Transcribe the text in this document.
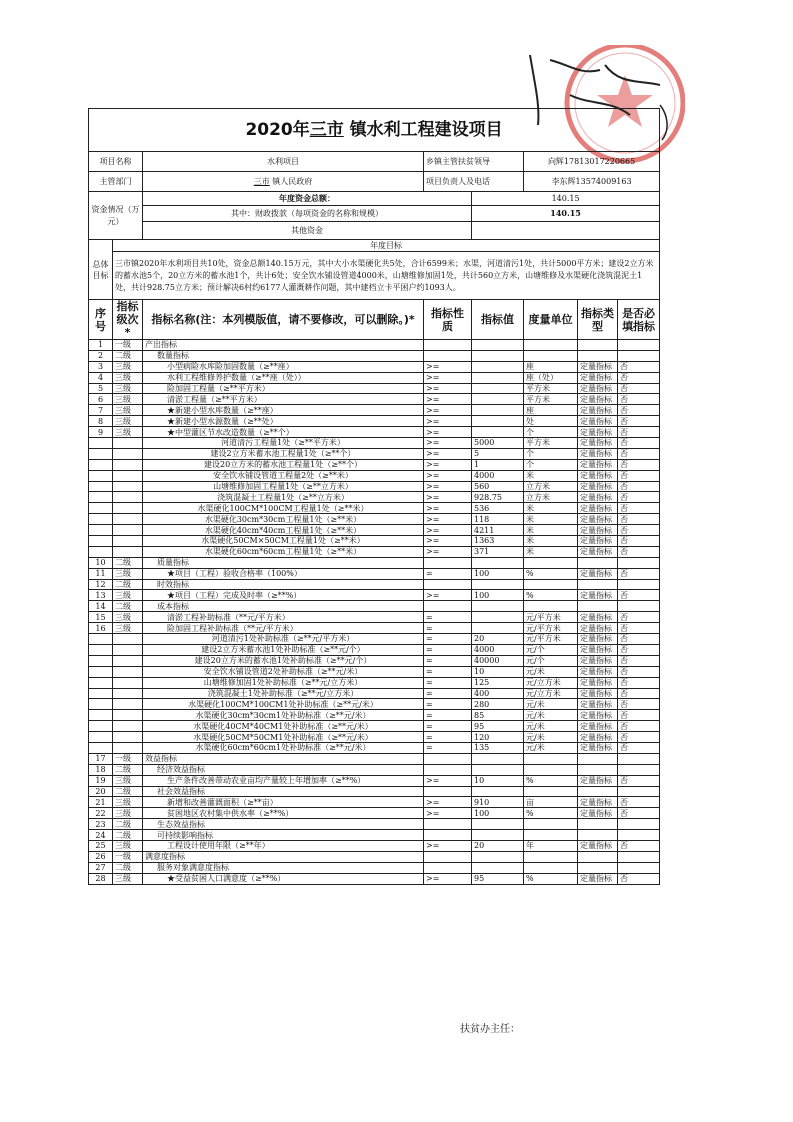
2020年三市 镇水利工程建设项目							
项目名称		水利项目	乡镇主管扶贫领导		向辉17813017220665		
主管部门		三市 镇人民政府	项目负责人及电话		李东辉13574009163		
资金情况（万元）		年度资金总额：		140.15			
		其中：财政拨款（每项资金的名称和规模）		140.15			
		其他资金					
总体目标	年度目标						
	三市镇2020年水利项目共10处，资金总额140.15万元，其中大小水渠硬化共5处，合计6599米；水渠，河道清污1处，共计5000平方米；建设2立方米的蓄水池5个，20立方米的蓄水池1个，共计6处；安全饮水铺设管道4000米，山塘维修加固1处，共计560立方米，山塘维修及水渠硬化浇筑混泥土1处，共计928.75立方米；预计解决6村约6177人灌溉耕作问题，其中建档立卡平困户约1093人。						
序号	指标级次*	指标名称(注：本列模版值，请不要修改，可以删除。)*	指标性质	指标值	度量单位	指标类型	是否必填指标
1	一级	产出指标					
2	二级	数量指标					
3	三级	小型病险水库险加固数量（≥**座）	>=		座	定量指标	否
4	三级	水利工程维修养护数量（≥**座（处））	>=		座（处）	定量指标	否
5	三级	险加固工程量（≥**平方米）	>=		平方米	定量指标	否
6	三级	清淤工程量（≥**平方米）	>=		平方米	定量指标	否
7	三级	★新建小型水库数量（≥**座）	>=		座	定量指标	否
8	三级	★新建小型水源数量（≥**处）	>=		处	定量指标	否
9	三级	★中型灌区节水改造数量（≥**个）	>=		个	定量指标	否
		河道清污工程量1处（≥**平方米）	>=	5000	平方米	定量指标	否
		建设2立方米蓄水池工程量1处（≥**个）	>=	5	个	定量指标	否
		建设20立方米的蓄水池工程量1处（≥**个）	>=	1	个	定量指标	否
		安全饮水铺设管道工程量2处（≥**米）	>=	4000	米	定量指标	否
		山塘维修加固工程量1处（≥**立方米）	>=	560	立方米	定量指标	否
		浇筑混凝土工程量1处（≥**立方米）	>=	928.75	立方米	定量指标	否
		水渠硬化100CM*100CM工程量1处（≥**米）	>=	536	米	定量指标	否
		水渠硬化30cm*30cm工程量1处（≥**米）	>=	118	米	定量指标	否
		水渠硬化40cm*40cm工程量1处（≥**米）	>=	4211	米	定量指标	否
		水渠硬化50CM×50CM工程量1处（≥**米）	>=	1363	米	定量指标	否
		水渠硬化60cm*60cm工程量1处（≥**米）	>=	371	米	定量指标	否
10	二级	质量指标					
11	三级	★项目（工程）验收合格率（100%）	=	100	%	定量指标	否
12	二级	时效指标					
13	三级	★项目（工程）完成及时率（≥**%）	>=	100	%	定量指标	否
14	二级	成本指标					
15	三级	清淤工程补助标准（**元/平方米）	=		元/平方米	定量指标	否
16	三级	险加固工程补助标准（**元/平方米）	=		元/平方米	定量指标	否
		河道清污1处补助标准（≥**元/平方米）	=	20	元/平方米	定量指标	否
		建设2立方米蓄水池1处补助标准（≥**元/个）	=	4000	元/个	定量指标	否
		建设20立方米的蓄水池1处补助标准（≥**元/个）	=	40000	元/个	定量指标	否
		安全饮水铺设管道2处补助标准（≥**元/米）	=	10	元/米	定量指标	否
		山塘维修加固1处补助标准（≥**元/立方米）	=	125	元/立方米	定量指标	否
		浇筑混凝土1处补助标准（≥**元/立方米）	=	400	元/立方米	定量指标	否
		水渠硬化100CM*100CM1处补助标准（≥**元/米）	=	280	元/米	定量指标	否
		水渠硬化30cm*30cm1处补助标准（≥**元/米）	=	85	元/米	定量指标	否
		水渠硬化40CM*40CM1处补助标准（≥**元/米）	=	95	元/米	定量指标	否
		水渠硬化50CM*50CM1处补助标准（≥**元/米）	=	120	元/米	定量指标	否
		水渠硬化60cm*60cm1处补助标准（≥**元/米）	=	135	元/米	定量指标	否
17	一级	效益指标					
18	二级	经济效益指标					
19	三级	生产条件改善带动农业亩均产量较上年增加率（≥**%）	>=	10	%	定量指标	否
20	二级	社会效益指标					
21	三级	新增和改善灌溉面积（≥**亩）	>=	910	亩	定量指标	否
22	三级	贫困地区农村集中供水率（≥**%）	>=	100	%	定量指标	否
23	二级	生态效益指标					
24	二级	可持续影响指标					
25	三级	工程设计使用年限（≥**年）	>=	20	年	定量指标	否
26	一级	满意度指标					
27	二级	服务对象满意度指标					
28	三级	★受益贫困人口满意度（≥**%）	>=	95	%	定量指标	否
扶贫办主任：
